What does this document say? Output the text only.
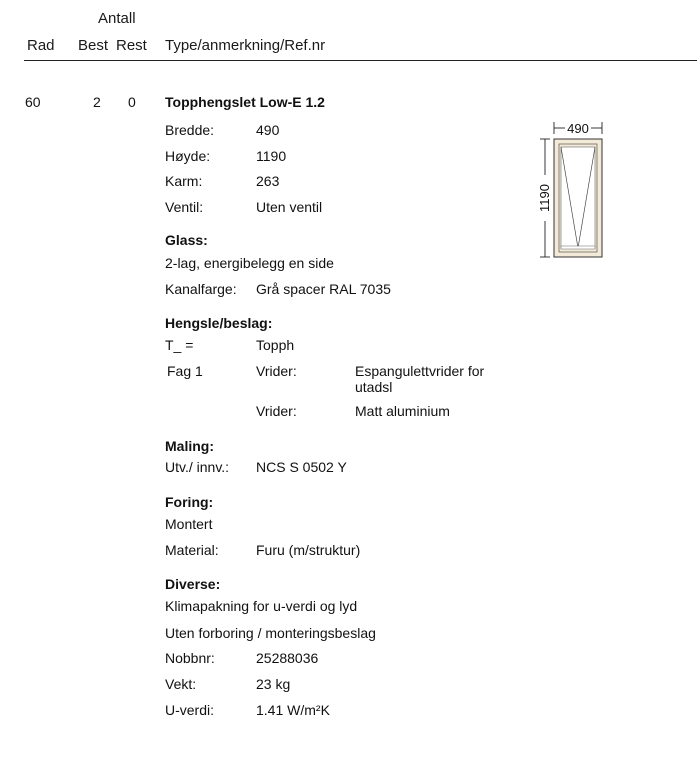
Antall
Rad Best Rest Type/anmerkning/Ref.nr
60	2 0 Topphengslet Low-E 1.2
Bredde:	490
Høyde:	1190
Karm:	263
Ventil:	Uten ventil
Glass:
2-lag, energibelegg en side
Kanalfarge: Grå spacer RAL 7035
Hengsle/beslag:
T_ =	Topph
Fag 1	Vrider:	Espangulettvrider for utadsl
Vrider:	Matt aluminium
Maling:
Utv./ innv.: NCS S 0502 Y
Foring:
Montert
Material:	Furu (m/struktur)
Diverse:
Klimapakning for u-verdi og lyd
Uten forboring / monteringsbeslag
Nobbnr:	25288036
Vekt:	23 kg
U-verdi:	1.41 W/m²K
490
1190
